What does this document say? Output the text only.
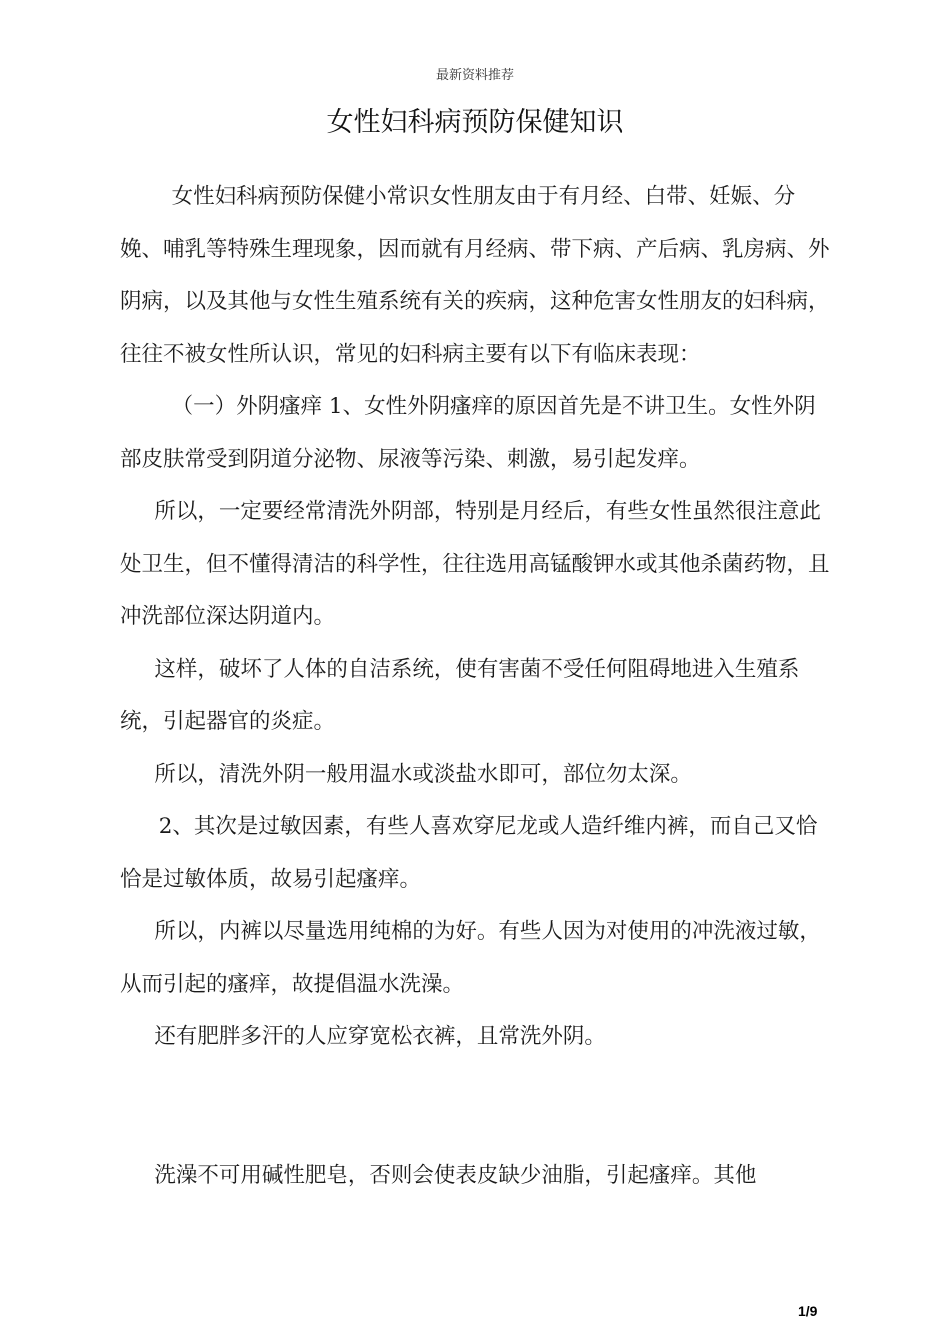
最新资料推荐
女性妇科病预防保健知识

女性妇科病预防保健小常识女性朋友由于有月经、白带、妊娠、分娩、哺乳等特殊生理现象，因而就有月经病、带下病、产后病、乳房病、外阴病，以及其他与女性生殖系统有关的疾病，这种危害女性朋友的妇科病，往往不被女性所认识，常见的妇科病主要有以下有临床表现：

（一）外阴瘙痒 1、女性外阴瘙痒的原因首先是不讲卫生。女性外阴部皮肤常受到阴道分泌物、尿液等污染、刺激，易引起发痒。

所以，一定要经常清洗外阴部，特别是月经后，有些女性虽然很注意此处卫生，但不懂得清洁的科学性，往往选用高锰酸钾水或其他杀菌药物，且冲洗部位深达阴道内。

这样，破坏了人体的自洁系统，使有害菌不受任何阻碍地进入生殖系统，引起器官的炎症。

所以，清洗外阴一般用温水或淡盐水即可，部位勿太深。

2、其次是过敏因素，有些人喜欢穿尼龙或人造纤维内裤，而自己又恰恰是过敏体质，故易引起瘙痒。

所以，内裤以尽量选用纯棉的为好。有些人因为对使用的冲洗液过敏，从而引起的瘙痒，故提倡温水洗澡。

还有肥胖多汗的人应穿宽松衣裤，且常洗外阴。

洗澡不可用碱性肥皂，否则会使表皮缺少油脂，引起瘙痒。其他

1/9
